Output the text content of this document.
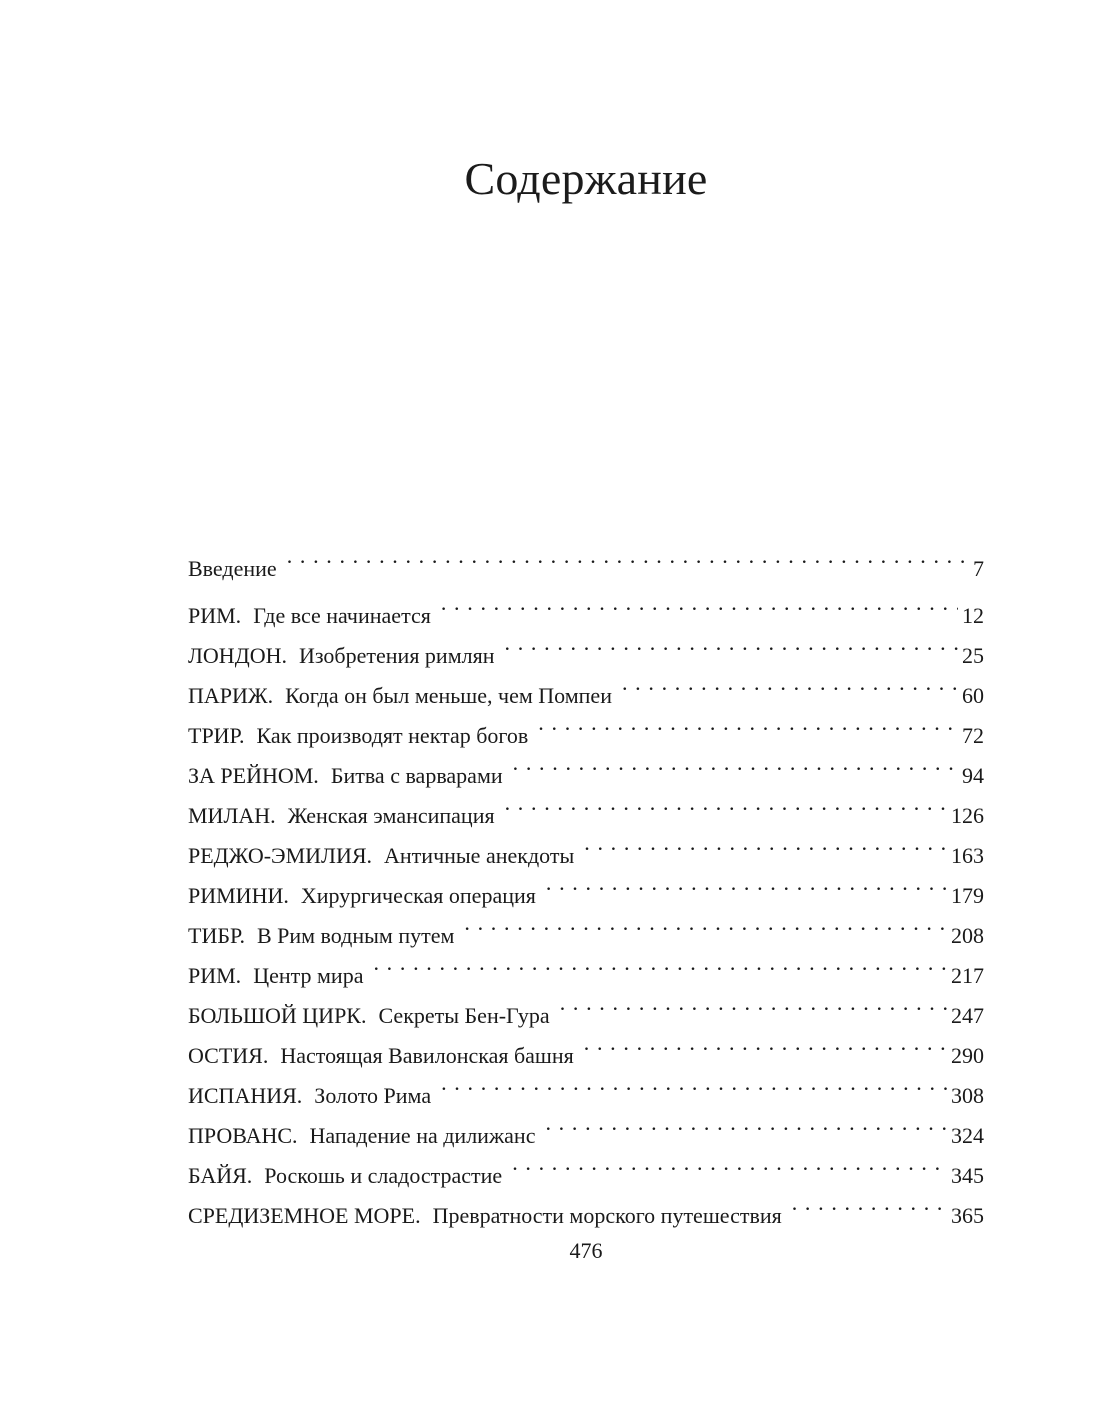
Содержание
Введение . . .	7
РИМ. Где все начинается . . .	12
ЛОНДОН. Изобретения римлян . . .	25
ПАРИЖ. Когда он был меньше, чем Помпеи . . .	60
ТРИР. Как производят нектар богов . . .	72
ЗА РЕЙНОМ. Битва с варварами . . .	94
МИЛАН. Женская эмансипация . . .	126
РЕДЖО-ЭМИЛИЯ. Античные анекдоты . . .	163
РИМИНИ. Хирургическая операция . . .	179
ТИБР. В Рим водным путем . . .	208
РИМ. Центр мира . . .	217
БОЛЬШОЙ ЦИРК. Секреты Бен-Гура . . .	247
ОСТИЯ. Настоящая Вавилонская башня . . .	290
ИСПАНИЯ. Золото Рима . . .	308
ПРОВАНС. Нападение на дилижанс . . .	324
БАЙЯ. Роскошь и сладострастие . . .	345
СРЕДИЗЕМНОЕ МОРЕ. Превратности морского путешествия . . .	365
476
